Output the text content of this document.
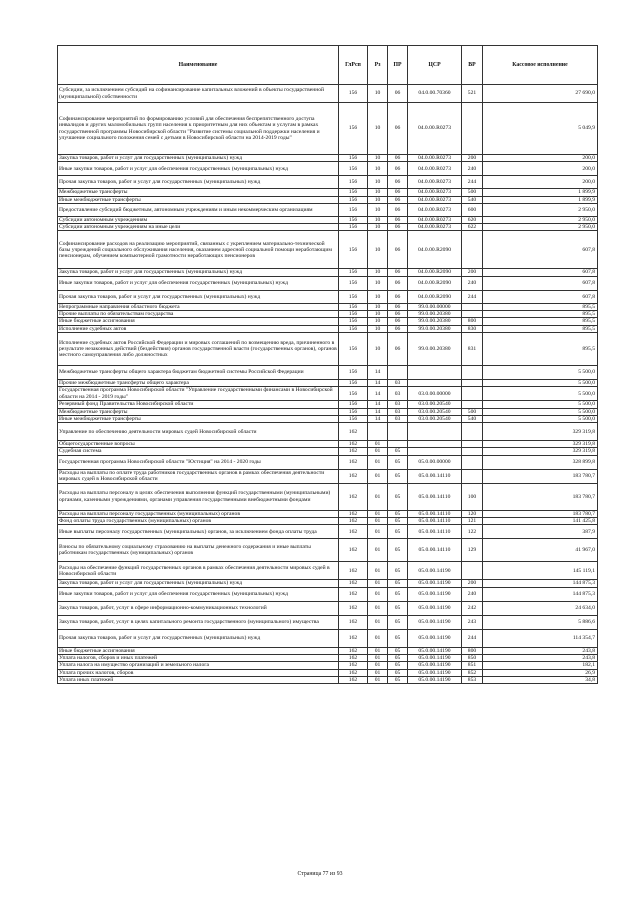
Наименование	ГлРсп	Рз	ПР	ЦСР	ВР	Кассовое исполнение
Субсидии, за исключением субсидий на софинансирование капитальных вложений в объекты государственной (муниципальной) собственности	156	10	06	04.0.00.70360	521	27 690,0
Софинансирование мероприятий по формированию условий для обеспечения беспрепятственного доступа инвалидов и других маломобильных групп населения к приоритетным для них объектам и услугам в рамках государственной программы Новосибирской области "Развитие системы социальной поддержки населения и улучшение социального положения семей с детьми в Новосибирской области на 2014-2019 годы"	156	10	06	04.0.00.R0273		5 049,9
Закупка товаров, работ и услуг для государственных (муниципальных) нужд	156	10	06	04.0.00.R0273	200	200,0
Иные закупки товаров, работ и услуг для обеспечения государственных (муниципальных) нужд	156	10	06	04.0.00.R0273	240	200,0
Прочая закупка товаров, работ и услуг для государственных (муниципальных) нужд	156	10	06	04.0.00.R0273	244	200,0
Межбюджетные трансферты	156	10	06	04.0.00.R0273	500	1 899,9
Иные межбюджетные трансферты	156	10	06	04.0.00.R0273	540	1 899,9
Предоставление субсидий бюджетным, автономным учреждениям и иным некоммерческим организациям	156	10	06	04.0.00.R0273	600	2 950,0
Субсидии автономным учреждениям	156	10	06	04.0.00.R0273	620	2 950,0
Субсидии автономным учреждениям на иные цели	156	10	06	04.0.00.R0273	622	2 950,0
Софинансирование расходов на реализацию мероприятий, связанных с укреплением материально-технической базы учреждений социального обслуживания населения, оказанием адресной социальной помощи неработающим пенсионерам, обучением компьютерной грамотности неработающих пенсионеров	156	10	06	04.0.00.R2090		607,8
Закупка товаров, работ и услуг для государственных (муниципальных) нужд	156	10	06	04.0.00.R2090	200	607,8
Иные закупки товаров, работ и услуг для обеспечения государственных (муниципальных) нужд	156	10	06	04.0.00.R2090	240	607,8
Прочая закупка товаров, работ и услуг для государственных (муниципальных) нужд	156	10	06	04.0.00.R2090	244	607,8
Непрограммные направления областного бюджета	156	10	06	99.0.00.00000		895,5
Прочие выплаты по обязательствам государства	156	10	06	99.0.00.20380		895,5
Иные бюджетные ассигнования	156	10	06	99.0.00.20380	800	895,5
Исполнение судебных актов	156	10	06	99.0.00.20380	830	895,5
Исполнение судебных актов Российской Федерации и мировых соглашений по возмещению вреда, причиненного в результате незаконных действий (бездействия) органов государственной власти (государственных органов), органов местного самоуправления либо должностных	156	10	06	99.0.00.20380	831	895,5
Межбюджетные трансферты общего характера бюджетам бюджетной системы Российской Федерации	156	14				5 500,0
Прочие межбюджетные трансферты общего характера	156	14	03			5 500,0
Государственная программа Новосибирской области "Управление государственными финансами в Новосибирской области на 2014 - 2019 годы"	156	14	03	03.0.00.00000		5 500,0
Резервный фонд Правительства Новосибирской области	156	14	03	03.0.00.20540		5 500,0
Межбюджетные трансферты	156	14	03	03.0.00.20540	500	5 500,0
Иные межбюджетные трансферты	156	14	03	03.0.00.20540	540	5 500,0
Управление по обеспечению деятельности мировых судей Новосибирской области	162					329 319,8
Общегосударственные вопросы	162	01				329 319,8
Судебная система	162	01	05			329 319,8
Государственная программа Новосибирской области "Юстиция" на 2014 - 2020 годы	162	01	05	05.0.00.00000		328 899,8
Расходы на выплаты по оплате труда работников государственных органов в рамках обеспечения деятельности мировых судей в Новосибирской области	162	01	05	05.0.00.14110		183 780,7
Расходы на выплаты персоналу в целях обеспечения выполнения функций государственными (муниципальными) органами, казенными учреждениями, органами управления государственными внебюджетными фондами	162	01	05	05.0.00.14110	100	183 780,7
Расходы на выплаты персоналу государственных (муниципальных) органов	162	01	05	05.0.00.14110	120	183 780,7
Фонд оплаты труда государственных (муниципальных) органов	162	01	05	05.0.00.14110	121	141 425,8
Иные выплаты персоналу государственных (муниципальных) органов, за исключением фонда оплаты труда	162	01	05	05.0.00.14110	122	387,9
Взносы по обязательному социальному страхованию на выплаты денежного содержания и иные выплаты работникам государственных (муниципальных) органов	162	01	05	05.0.00.14110	129	41 967,0
Расходы на обеспечение функций государственных органов в рамках обеспечения деятельности мировых судей в Новосибирской области	162	01	05	05.0.00.14190		145 119,1
Закупка товаров, работ и услуг для государственных (муниципальных) нужд	162	01	05	05.0.00.14190	200	144 875,3
Иные закупки товаров, работ и услуг для обеспечения государственных (муниципальных) нужд	162	01	05	05.0.00.14190	240	144 875,3
Закупка товаров, работ, услуг в сфере информационно-коммуникационных технологий	162	01	05	05.0.00.14190	242	24 634,0
Закупка товаров, работ, услуг в целях капитального ремонта государственного (муниципального) имущества	162	01	05	05.0.00.14190	243	5 886,6
Прочая закупка товаров, работ и услуг для государственных (муниципальных) нужд	162	01	05	05.0.00.14190	244	114 354,7
Иные бюджетные ассигнования	162	01	05	05.0.00.14190	800	243,8
Уплата налогов, сборов и иных платежей	162	01	05	05.0.00.14190	850	243,8
Уплата налога на имущество организаций и земельного налога	162	01	05	05.0.00.14190	851	182,1
Уплата прочих налогов, сборов	162	01	05	05.0.00.14190	852	26,9
Уплата иных платежей	162	01	05	05.0.00.14190	853	34,8
Страница 77 из 93
